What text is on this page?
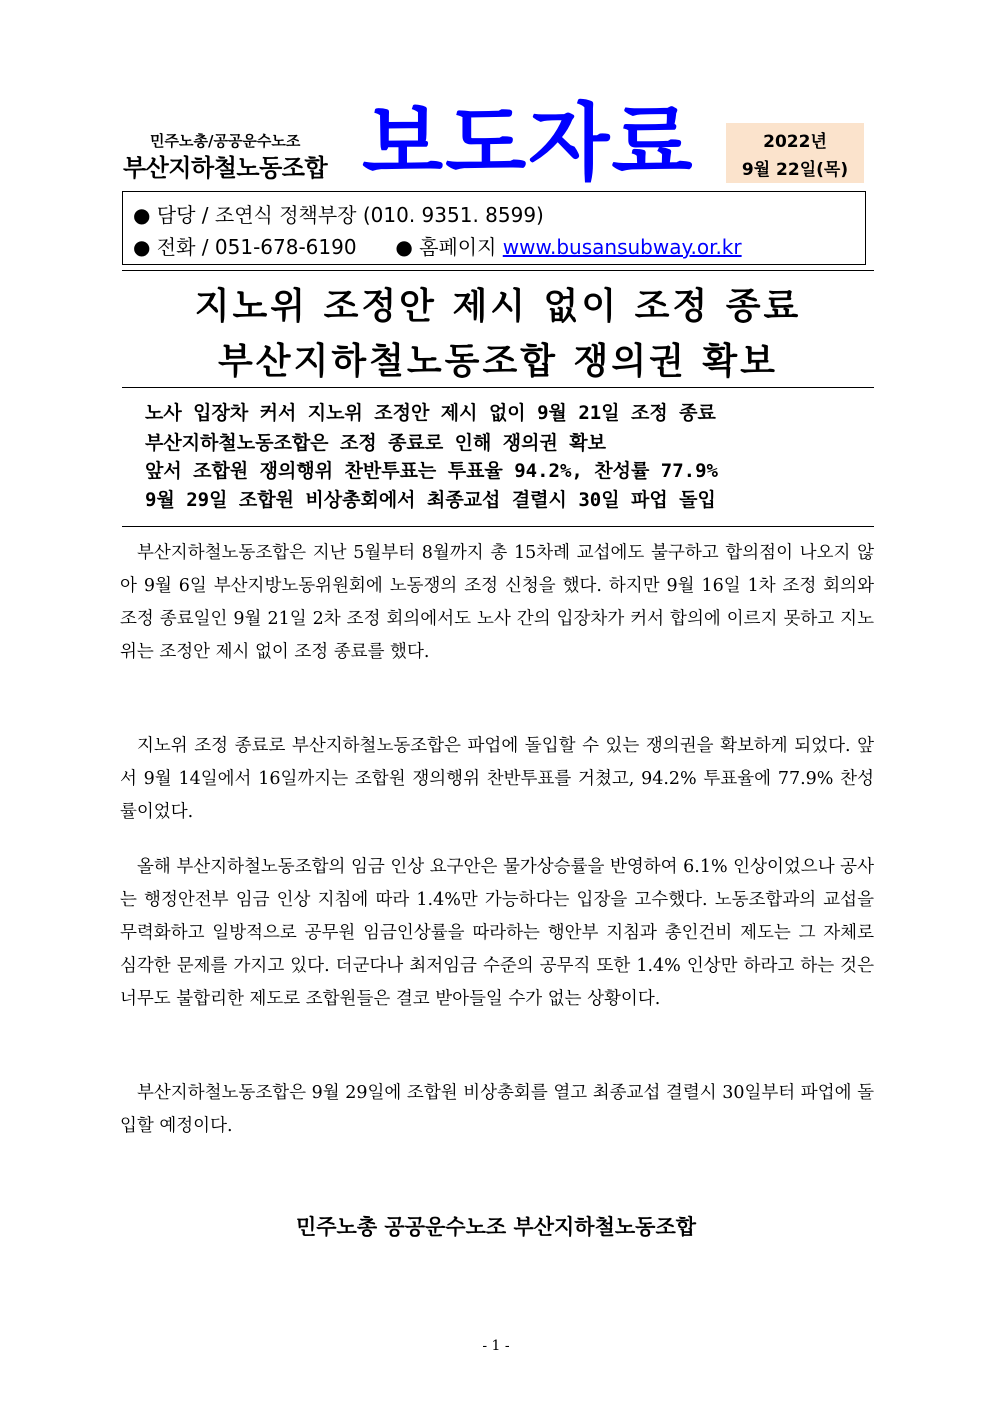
민주노총/공공운수노조
부산지하철노동조합 보도자료	2022년
9월 22일(목)
● 담당 / 조연식 정책부장 (010. 9351. 8599)
● 전화 / 051-678-6190 ● 홈페이지 www.busansubway.or.kr
지노위 조정안 제시 없이 조정 종료
부산지하철노동조합 쟁의권 확보
노사 입장차 커서 지노위 조정안 제시 없이 9월 21일 조정 종료
부산지하철노동조합은 조정 종료로 인해 쟁의권 확보
앞서 조합원 쟁의행위 찬반투표는 투표율 94.2%, 찬성률 77.9%
9월 29일 조합원 비상총회에서 최종교섭 결렬시 30일 파업 돌입

부산지하철노동조합은 지난 5월부터 8월까지 총 15차례 교섭에도 불구하고 합의점이 나오지 않아 9월 6일 부산지방노동위원회에 노동쟁의 조정 신청을 했다. 하지만 9월 16일 1차 조정 회의와 조정 종료일인 9월 21일 2차 조정 회의에서도 노사 간의 입장차가 커서 합의에 이르지 못하고 지노위는 조정안 제시 없이 조정 종료를 했다.

지노위 조정 종료로 부산지하철노동조합은 파업에 돌입할 수 있는 쟁의권을 확보하게 되었다. 앞서 9월 14일에서 16일까지는 조합원 쟁의행위 찬반투표를 거쳤고, 94.2% 투표율에 77.9% 찬성률이었다.

올해 부산지하철노동조합의 임금 인상 요구안은 물가상승률을 반영하여 6.1% 인상이었으나 공사는 행정안전부 임금 인상 지침에 따라 1.4%만 가능하다는 입장을 고수했다. 노동조합과의 교섭을 무력화하고 일방적으로 공무원 임금인상률을 따라하는 행안부 지침과 총인건비 제도는 그 자체로 심각한 문제를 가지고 있다. 더군다나 최저임금 수준의 공무직 또한 1.4% 인상만 하라고 하는 것은 너무도 불합리한 제도로 조합원들은 결코 받아들일 수가 없는 상황이다.

부산지하철노동조합은 9월 29일에 조합원 비상총회를 열고 최종교섭 결렬시 30일부터 파업에 돌입할 예정이다.

민주노총 공공운수노조 부산지하철노동조합
- 1 -
